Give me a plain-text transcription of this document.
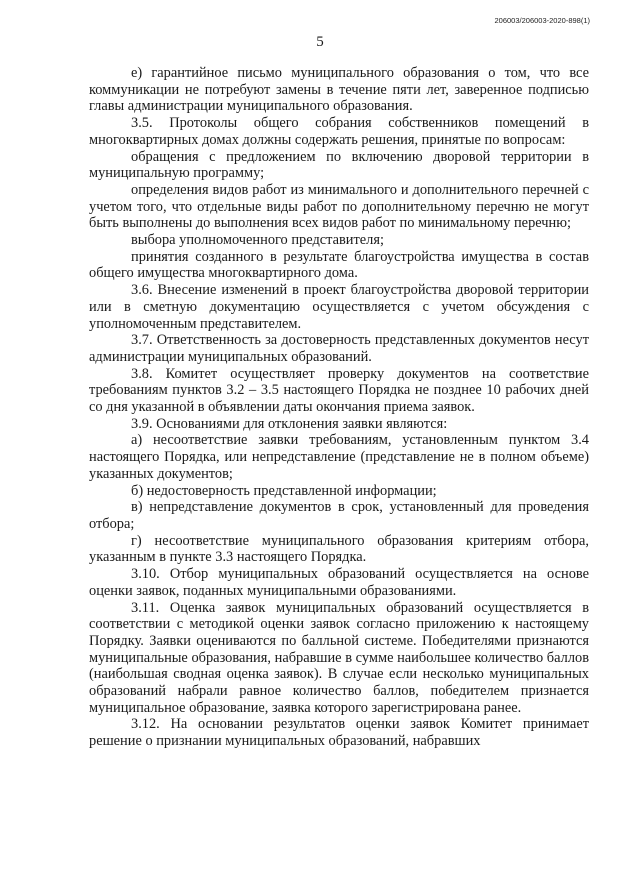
206003/206003-2020-898(1)
5

е) гарантийное письмо муниципального образования о том, что все коммуникации не потребуют замены в течение пяти лет, заверенное подписью главы администрации муниципального образования.

3.5. Протоколы общего собрания собственников помещений в многоквартирных домах должны содержать решения, принятые по вопросам:

обращения с предложением по включению дворовой территории в муниципальную программу;

определения видов работ из минимального и дополнительного перечней с учетом того, что отдельные виды работ по дополнительному перечню не могут быть выполнены до выполнения всех видов работ по минимальному перечню;

выбора уполномоченного представителя;

принятия созданного в результате благоустройства имущества в состав общего имущества многоквартирного дома.

3.6. Внесение изменений в проект благоустройства дворовой территории или в сметную документацию осуществляется с учетом обсуждения с уполномоченным представителем.

3.7. Ответственность за достоверность представленных документов несут администрации муниципальных образований.

3.8. Комитет осуществляет проверку документов на соответствие требованиям пунктов 3.2 – 3.5 настоящего Порядка не позднее 10 рабочих дней со дня указанной в объявлении даты окончания приема заявок.

3.9. Основаниями для отклонения заявки являются:

а) несоответствие заявки требованиям, установленным пунктом 3.4 настоящего Порядка, или непредставление (представление не в полном объеме) указанных документов;

б) недостоверность представленной информации;

в) непредставление документов в срок, установленный для проведения отбора;

г) несоответствие муниципального образования критериям отбора, указанным в пункте 3.3 настоящего Порядка.

3.10. Отбор муниципальных образований осуществляется на основе оценки заявок, поданных муниципальными образованиями.

3.11. Оценка заявок муниципальных образований осуществляется в соответствии с методикой оценки заявок согласно приложению к настоящему Порядку. Заявки оцениваются по балльной системе. Победителями признаются муниципальные образования, набравшие в сумме наибольшее количество баллов (наибольшая сводная оценка заявок). В случае если несколько муниципальных образований набрали равное количество баллов, победителем признается муниципальное образование, заявка которого зарегистрирована ранее.

3.12. На основании результатов оценки заявок Комитет принимает решение о признании муниципальных образований, набравших
